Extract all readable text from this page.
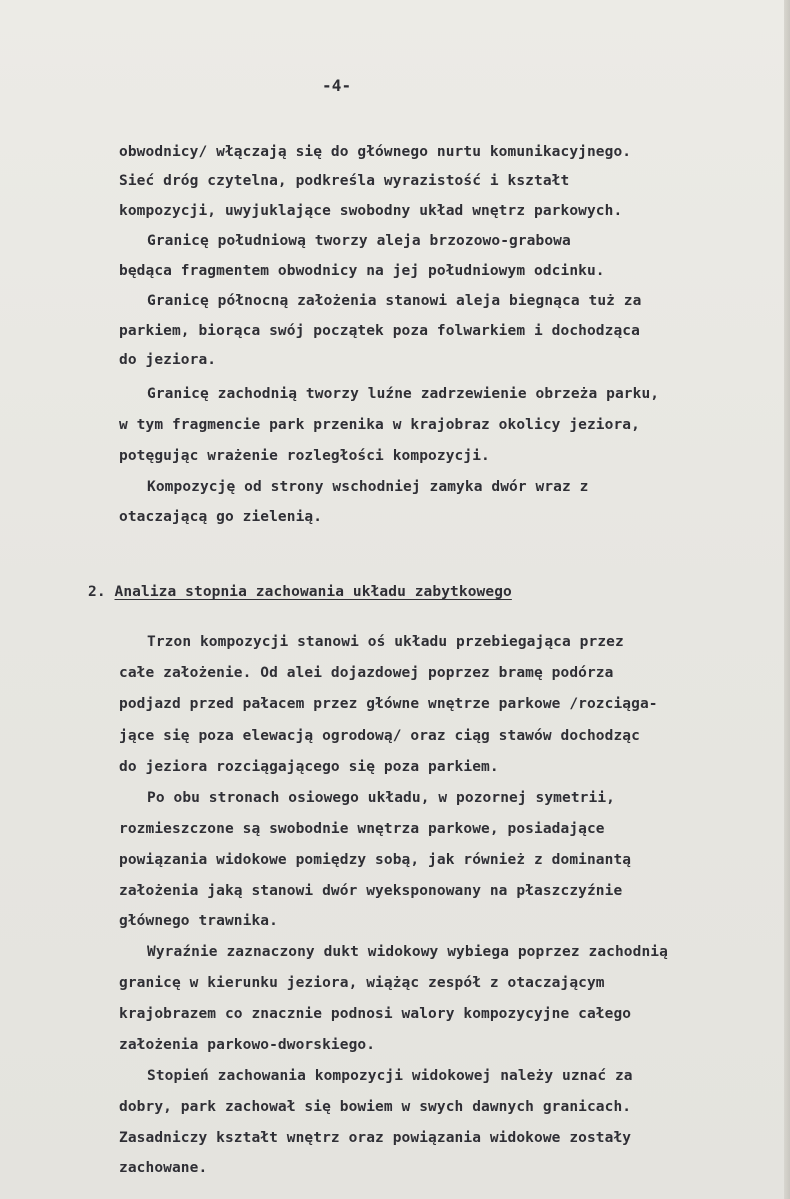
-4-
obwodnicy/ włączają się do głównego nurtu komunikacyjnego.
Sieć dróg czytelna, podkreśla wyrazistość i kształt
kompozycji, uwyjuklające swobodny układ wnętrz parkowych.
Granicę południową tworzy aleja brzozowo-grabowa
będąca fragmentem obwodnicy na jej południowym odcinku.
Granicę północną założenia stanowi aleja biegnąca tuż za
parkiem, biorąca swój początek poza folwarkiem i dochodząca
do jeziora.
Granicę zachodnią tworzy luźne zadrzewienie obrzeża parku,
w tym fragmencie park przenika w krajobraz okolicy jeziora,
potęgując wrażenie rozległości kompozycji.
Kompozycję od strony wschodniej zamyka dwór wraz z
otaczającą go zielenią.
2. Analiza stopnia zachowania układu zabytkowego
Trzon kompozycji stanowi oś układu przebiegająca przez
całe założenie. Od alei dojazdowej poprzez bramę podórza
podjazd przed pałacem przez główne wnętrze parkowe /rozciąga-
jące się poza elewacją ogrodową/ oraz ciąg stawów dochodząc
do jeziora rozciągającego się poza parkiem.
Po obu stronach osiowego układu, w pozornej symetrii,
rozmieszczone są swobodnie wnętrza parkowe, posiadające
powiązania widokowe pomiędzy sobą, jak również z dominantą
założenia jaką stanowi dwór wyeksponowany na płaszczyźnie
głównego trawnika.
Wyraźnie zaznaczony dukt widokowy wybiega poprzez zachodnią
granicę w kierunku jeziora, wiążąc zespół z otaczającym
krajobrazem co znacznie podnosi walory kompozycyjne całego
założenia parkowo-dworskiego.
Stopień zachowania kompozycji widokowej należy uznać za
dobry, park zachował się bowiem w swych dawnych granicach.
Zasadniczy kształt wnętrz oraz powiązania widokowe zostały
zachowane.
